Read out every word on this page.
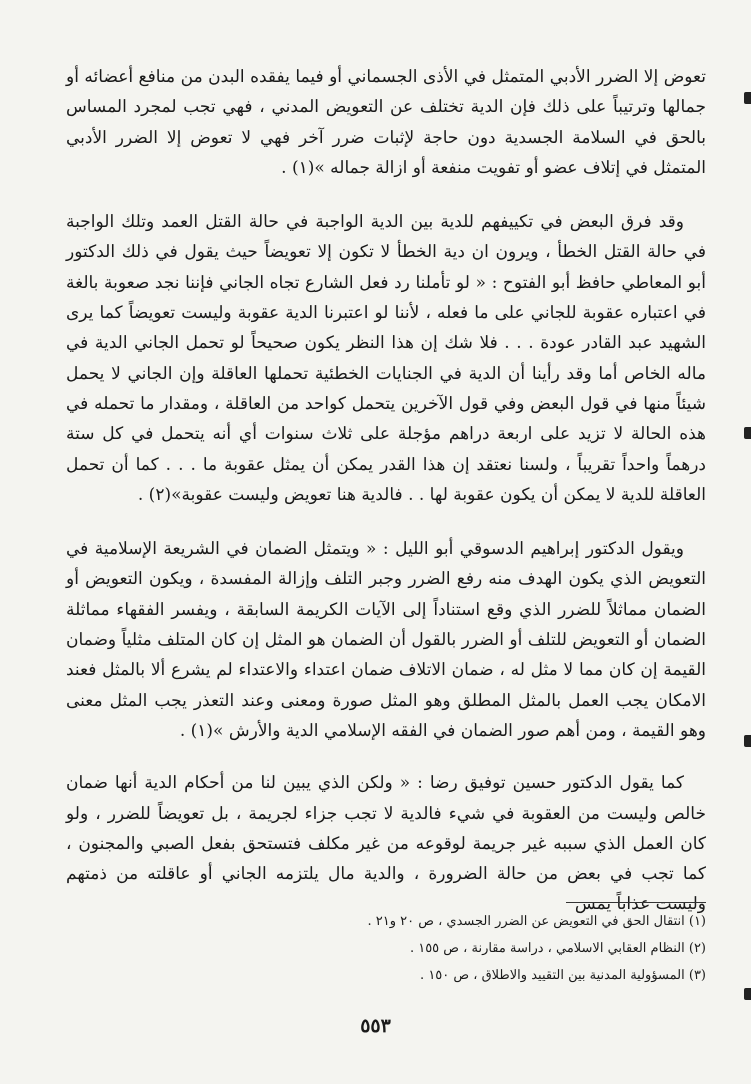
تعوض إلا الضرر الأدبي المتمثل في الأذى الجسماني أو فيما يفقده البدن من منافع أعضائه أو جمالها وترتيباً على ذلك فإن الدية تختلف عن التعويض المدني ، فهي تجب لمجرد المساس بالحق في السلامة الجسدية دون حاجة لإثبات ضرر آخر فهي لا تعوض إلا الضرر الأدبي المتمثل في إتلاف عضو أو تفويت منفعة أو ازالة جماله »(١) .

وقد فرق البعض في تكييفهم للدية بين الدية الواجبة في حالة القتل العمد وتلك الواجبة في حالة القتل الخطأ ، ويرون ان دية الخطأ لا تكون إلا تعويضاً حيث يقول في ذلك الدكتور أبو المعاطي حافظ أبو الفتوح : « لو تأملنا رد فعل الشارع تجاه الجاني فإننا نجد صعوبة بالغة في اعتباره عقوبة للجاني على ما فعله ، لأننا لو اعتبرنا الدية عقوبة وليست تعويضاً كما يرى الشهيد عبد القادر عودة . . . فلا شك إن هذا النظر يكون صحيحاً لو تحمل الجاني الدية في ماله الخاص أما وقد رأينا أن الدية في الجنايات الخطئية تحملها العاقلة وإن الجاني لا يحمل شيئاً منها في قول البعض وفي قول الآخرين يتحمل كواحد من العاقلة ، ومقدار ما تحمله في هذه الحالة لا تزيد على اربعة دراهم مؤجلة على ثلاث سنوات أي أنه يتحمل في كل ستة درهماً واحداً تقريباً ، ولسنا نعتقد إن هذا القدر يمكن أن يمثل عقوبة ما . . . كما أن تحمل العاقلة للدية لا يمكن أن يكون عقوبة لها . . فالدية هنا تعويض وليست عقوبة»(٢) .

ويقول الدكتور إبراهيم الدسوقي أبو الليل : « ويتمثل الضمان في الشريعة الإسلامية في التعويض الذي يكون الهدف منه رفع الضرر وجبر التلف وإزالة المفسدة ، ويكون التعويض أو الضمان مماثلاً للضرر الذي وقع استناداً إلى الآيات الكريمة السابقة ، ويفسر الفقهاء مماثلة الضمان أو التعويض للتلف أو الضرر بالقول أن الضمان هو المثل إن كان المتلف مثلياً وضمان القيمة إن كان مما لا مثل له ، ضمان الاتلاف ضمان اعتداء والاعتداء لم يشرع ألا بالمثل فعند الامكان يجب العمل بالمثل المطلق وهو المثل صورة ومعنى وعند التعذر يجب المثل معنى وهو القيمة ، ومن أهم صور الضمان في الفقه الإسلامي الدية والأرش »(١) .

كما يقول الدكتور حسين توفيق رضا : « ولكن الذي يبين لنا من أحكام الدية أنها ضمان خالص وليست من العقوبة في شيء فالدية لا تجب جزاء لجريمة ، بل تعويضاً للضرر ، ولو كان العمل الذي سببه غير جريمة لوقوعه من غير مكلف فتستحق بفعل الصبي والمجنون ، كما تجب في بعض من حالة الضرورة ، والدية مال يلتزمه الجاني أو عاقلته من ذمتهم وليست عذاباً يمس

(١) انتقال الحق في التعويض عن الضرر الجسدي ، ص ٢٠ و٢١ .
(٢) النظام العقابي الاسلامي ، دراسة مقارنة ، ص ١٥٥ .
(٣) المسؤولية المدنية بين التقييد والاطلاق ، ص ١٥٠ .
٥٥٣
